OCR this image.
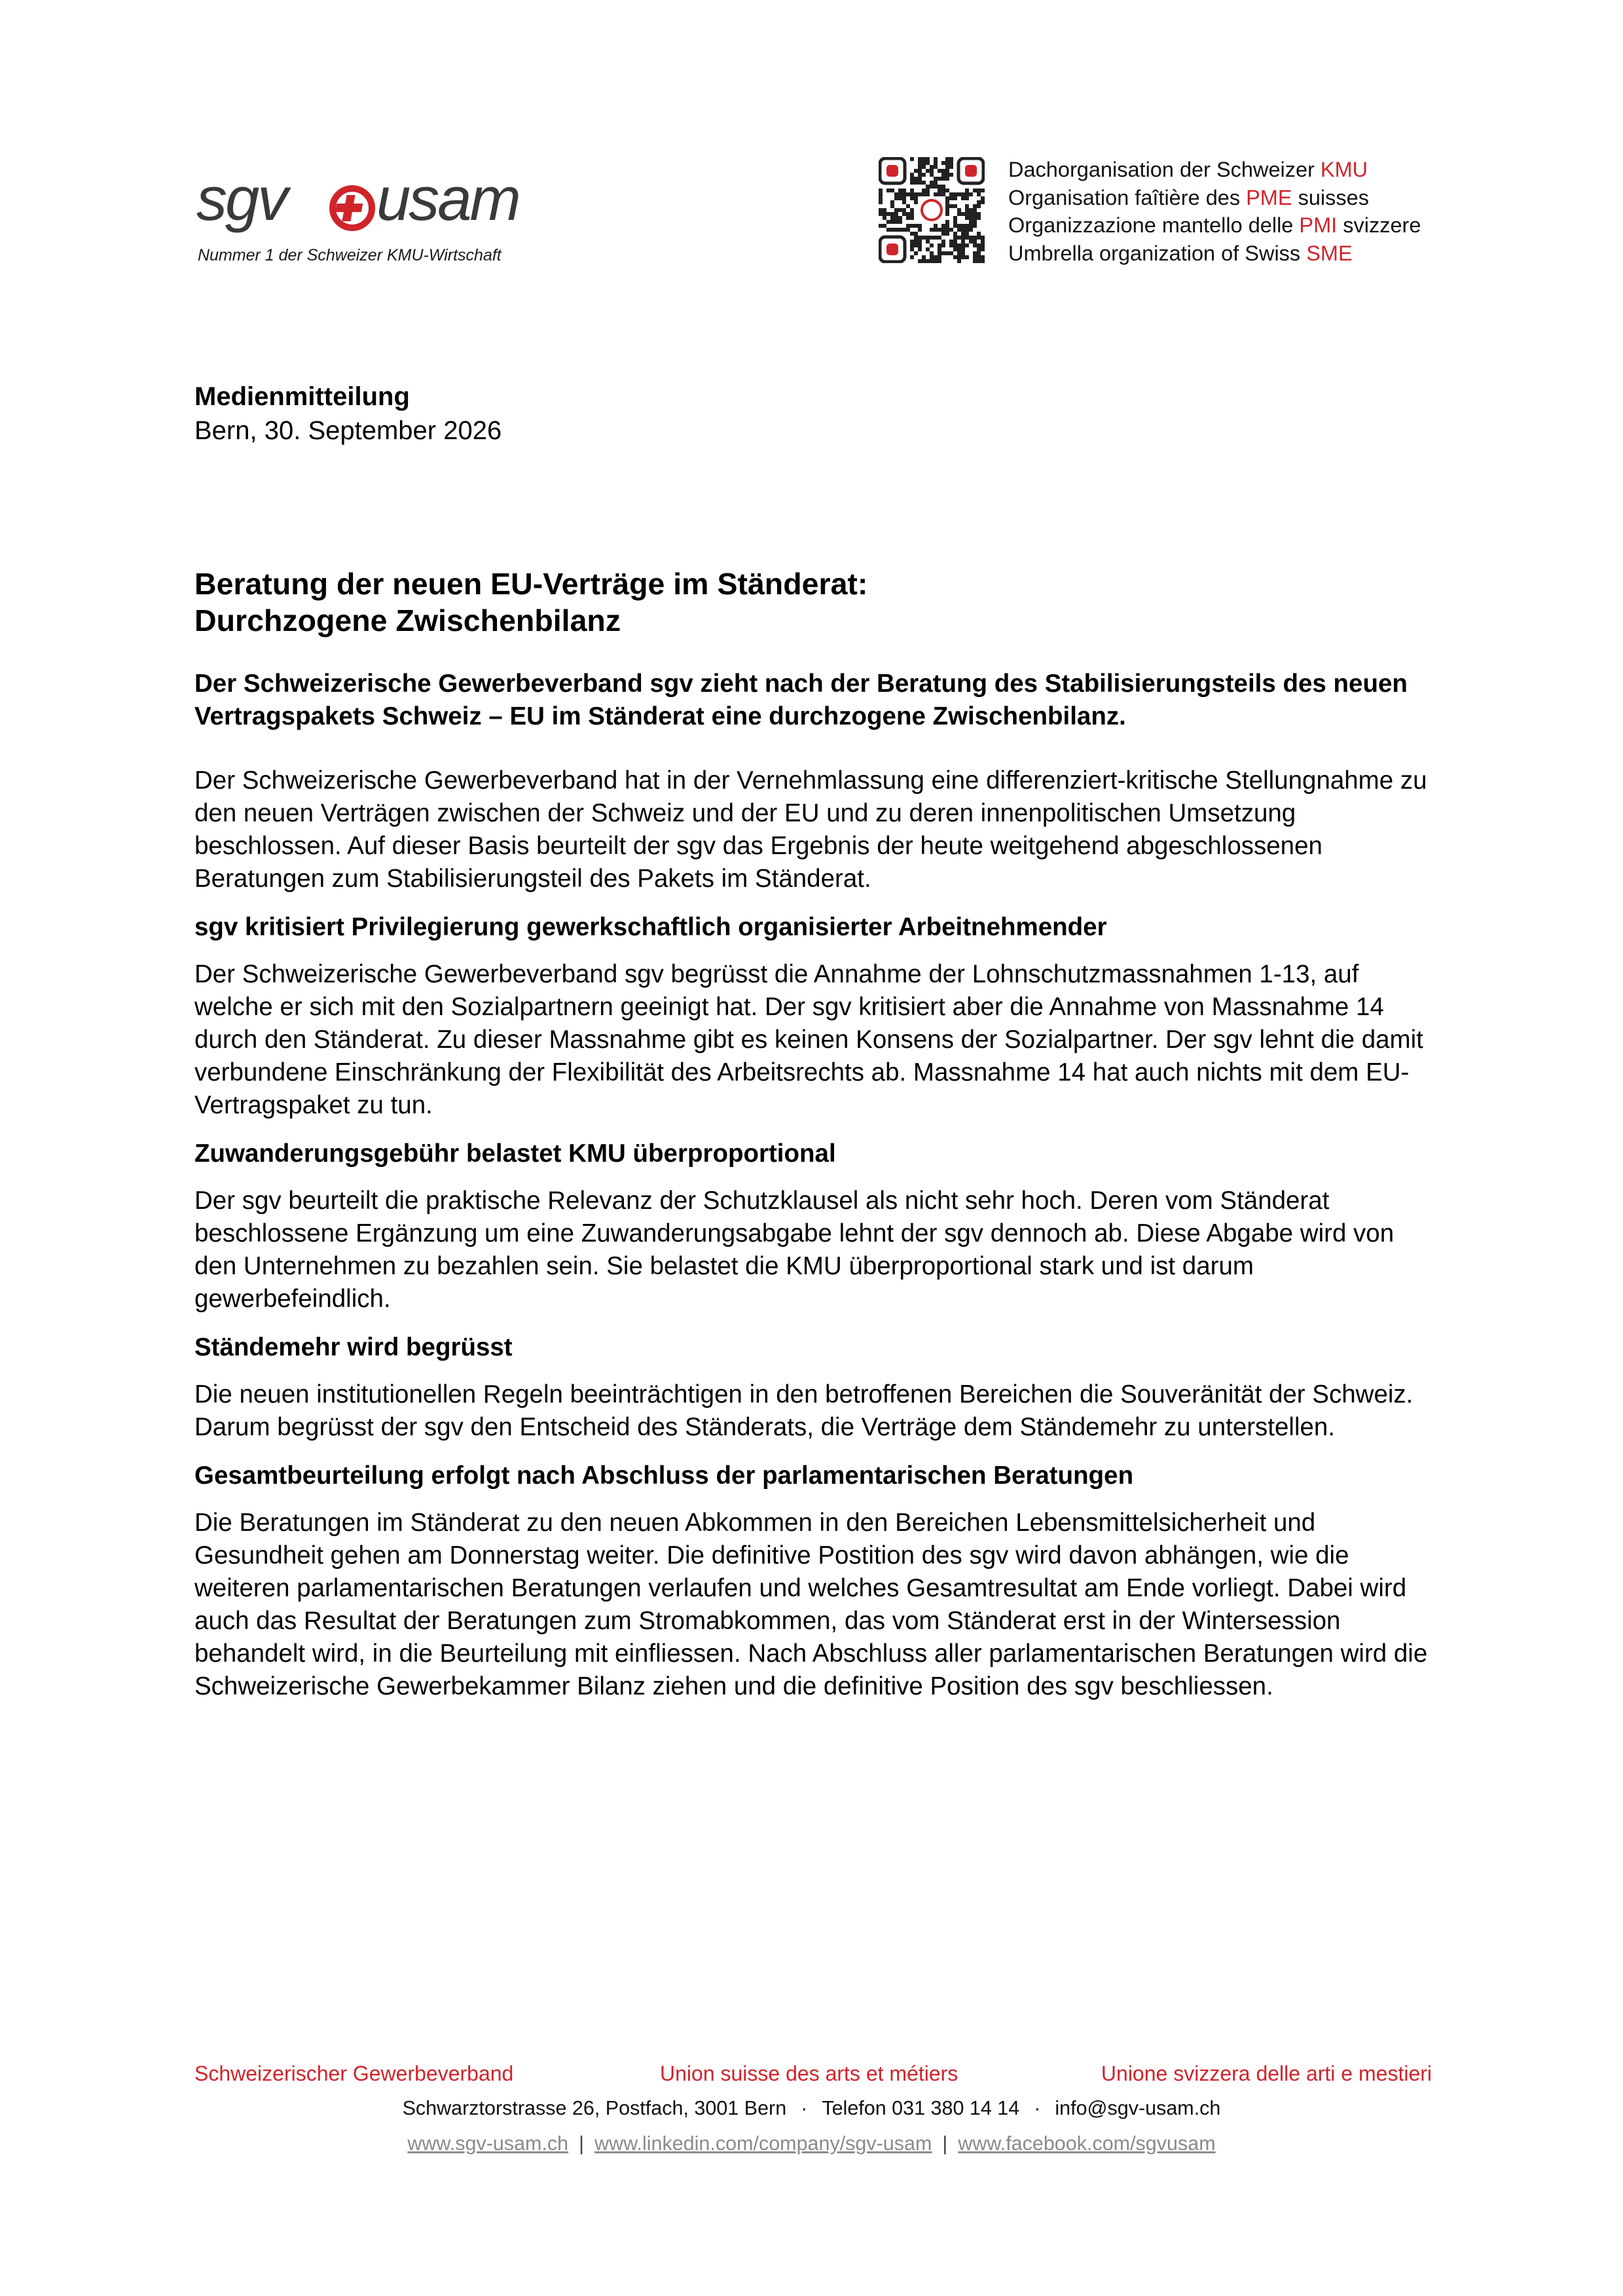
sgv usam
Nummer 1 der Schweizer KMU-Wirtschaft
Dachorganisation der Schweizer KMU
Organisation faîtière des PME suisses
Organizzazione mantello delle PMI svizzere
Umbrella organization of Swiss SME
Medienmitteilung
Bern, 30. September 2026
Beratung der neuen EU-Verträge im Ständerat:
Durchzogene Zwischenbilanz

Der Schweizerische Gewerbeverband sgv zieht nach der Beratung des Stabilisierungsteils des neuen Vertragspakets Schweiz – EU im Ständerat eine durchzogene Zwischenbilanz.

Der Schweizerische Gewerbeverband hat in der Vernehmlassung eine differenziert-kritische Stellungnahme zu den neuen Verträgen zwischen der Schweiz und der EU und zu deren innenpolitischen Umsetzung beschlossen. Auf dieser Basis beurteilt der sgv das Ergebnis der heute weitgehend abgeschlossenen Beratungen zum Stabilisierungsteil des Pakets im Ständerat.

sgv kritisiert Privilegierung gewerkschaftlich organisierter Arbeitnehmender

Der Schweizerische Gewerbeverband sgv begrüsst die Annahme der Lohnschutzmassnahmen 1-13, auf welche er sich mit den Sozialpartnern geeinigt hat. Der sgv kritisiert aber die Annahme von Massnahme 14 durch den Ständerat. Zu dieser Massnahme gibt es keinen Konsens der Sozialpartner. Der sgv lehnt die damit verbundene Einschränkung der Flexibilität des Arbeitsrechts ab. Massnahme 14 hat auch nichts mit dem EU-Vertragspaket zu tun.

Zuwanderungsgebühr belastet KMU überproportional

Der sgv beurteilt die praktische Relevanz der Schutzklausel als nicht sehr hoch. Deren vom Ständerat beschlossene Ergänzung um eine Zuwanderungsabgabe lehnt der sgv dennoch ab. Diese Abgabe wird von den Unternehmen zu bezahlen sein. Sie belastet die KMU überproportional stark und ist darum gewerbefeindlich.

Ständemehr wird begrüsst

Die neuen institutionellen Regeln beeinträchtigen in den betroffenen Bereichen die Souveränität der Schweiz. Darum begrüsst der sgv den Entscheid des Ständerats, die Verträge dem Ständemehr zu unterstellen.

Gesamtbeurteilung erfolgt nach Abschluss der parlamentarischen Beratungen

Die Beratungen im Ständerat zu den neuen Abkommen in den Bereichen Lebensmittelsicherheit und Gesundheit gehen am Donnerstag weiter. Die definitive Postition des sgv wird davon abhängen, wie die weiteren parlamentarischen Beratungen verlaufen und welches Gesamtresultat am Ende vorliegt. Dabei wird auch das Resultat der Beratungen zum Stromabkommen, das vom Ständerat erst in der Wintersession behandelt wird, in die Beurteilung mit einfliessen. Nach Abschluss aller parlamentarischen Beratungen wird die Schweizerische Gewerbekammer Bilanz ziehen und die definitive Position des sgv beschliessen.

Schweizerischer Gewerbeverband	Union suisse des arts et métiers	Unione svizzera delle arti e mestieri
Schwarztorstrasse 26, Postfach, 3001 Bern · Telefon 031 380 14 14 · info@sgv-usam.ch
www.sgv-usam.ch | www.linkedin.com/company/sgv-usam | www.facebook.com/sgvusam
